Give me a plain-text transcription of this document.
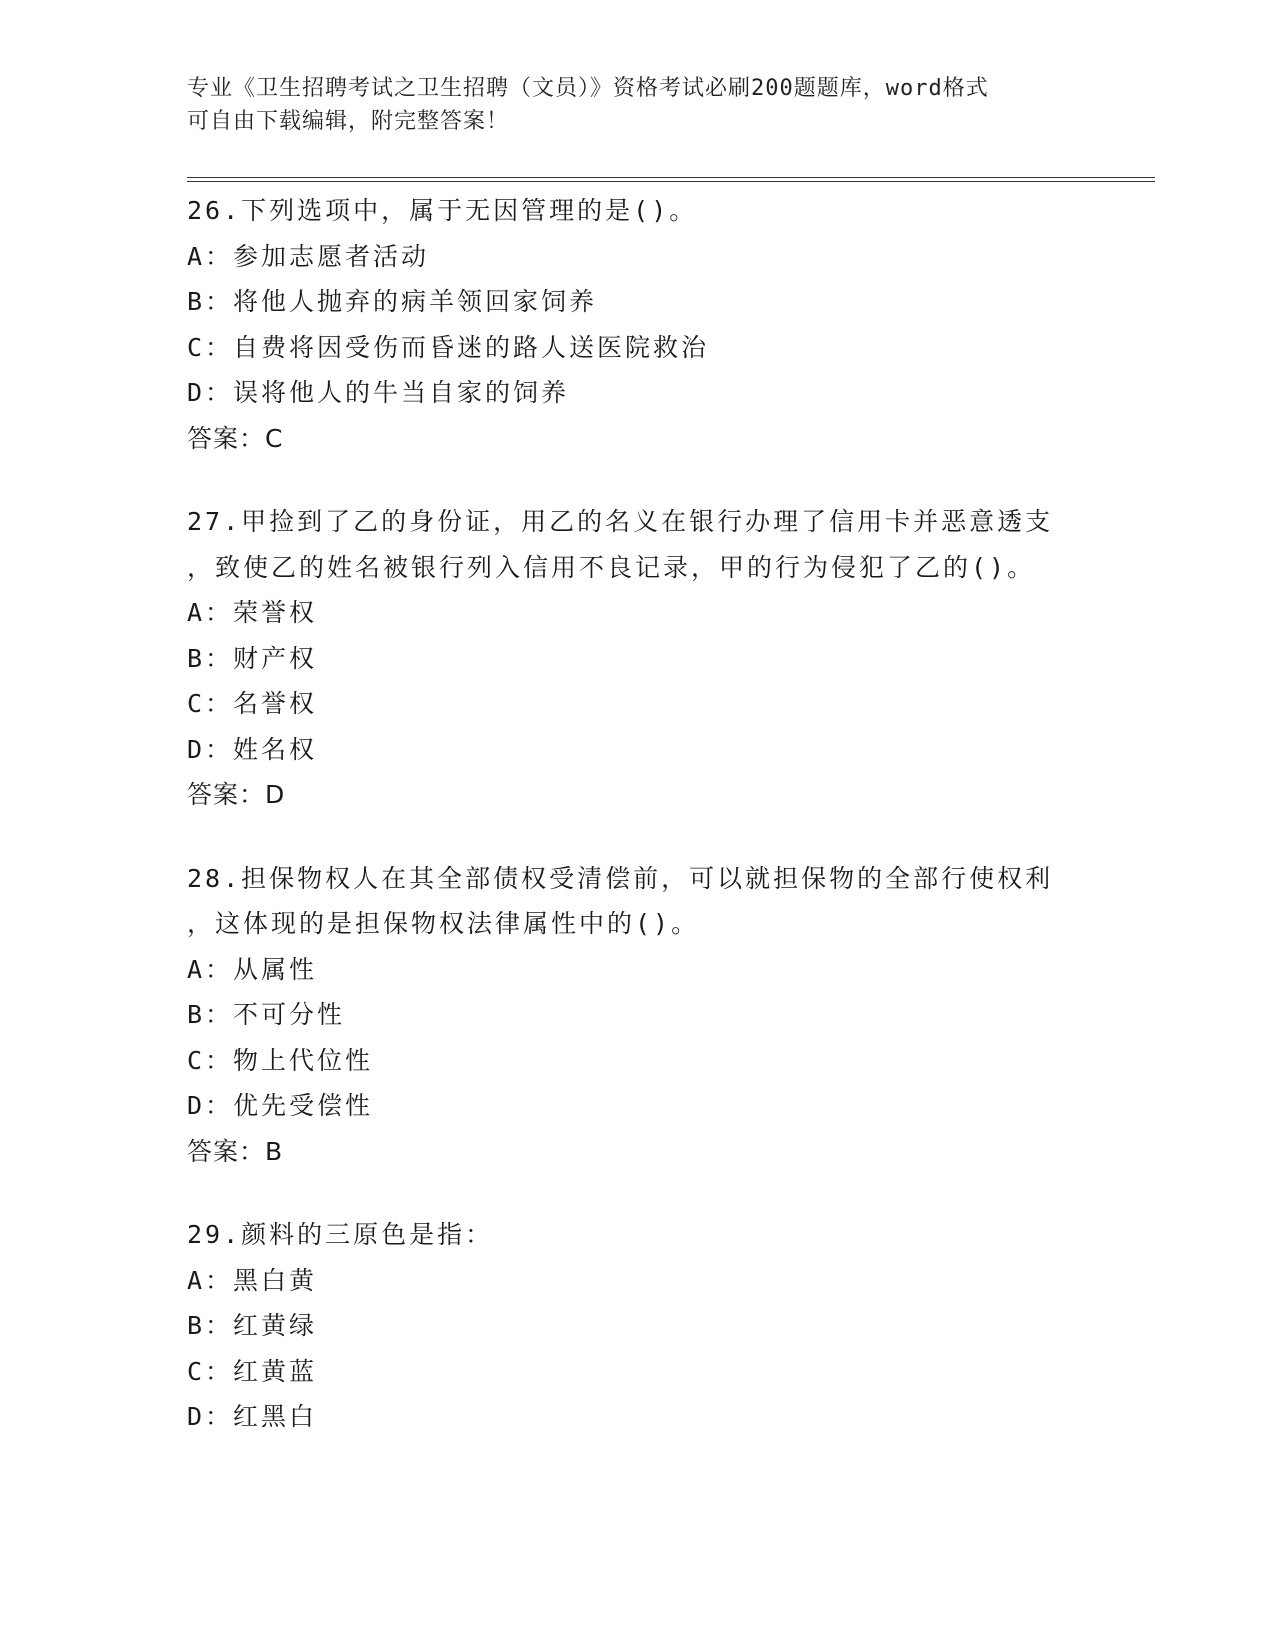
专业《卫生招聘考试之卫生招聘（文员）》资格考试必刷200题题库，word格式
可自由下载编辑，附完整答案！
26.下列选项中，属于无因管理的是()。
A：参加志愿者活动
B：将他人抛弃的病羊领回家饲养
C：自费将因受伤而昏迷的路人送医院救治
D：误将他人的牛当自家的饲养
答案：C
27.甲捡到了乙的身份证，用乙的名义在银行办理了信用卡并恶意透支
，致使乙的姓名被银行列入信用不良记录，甲的行为侵犯了乙的()。
A：荣誉权
B：财产权
C：名誉权
D：姓名权
答案：D
28.担保物权人在其全部债权受清偿前，可以就担保物的全部行使权利
，这体现的是担保物权法律属性中的()。
A：从属性
B：不可分性
C：物上代位性
D：优先受偿性
答案：B
29.颜料的三原色是指：
A：黑白黄
B：红黄绿
C：红黄蓝
D：红黑白
